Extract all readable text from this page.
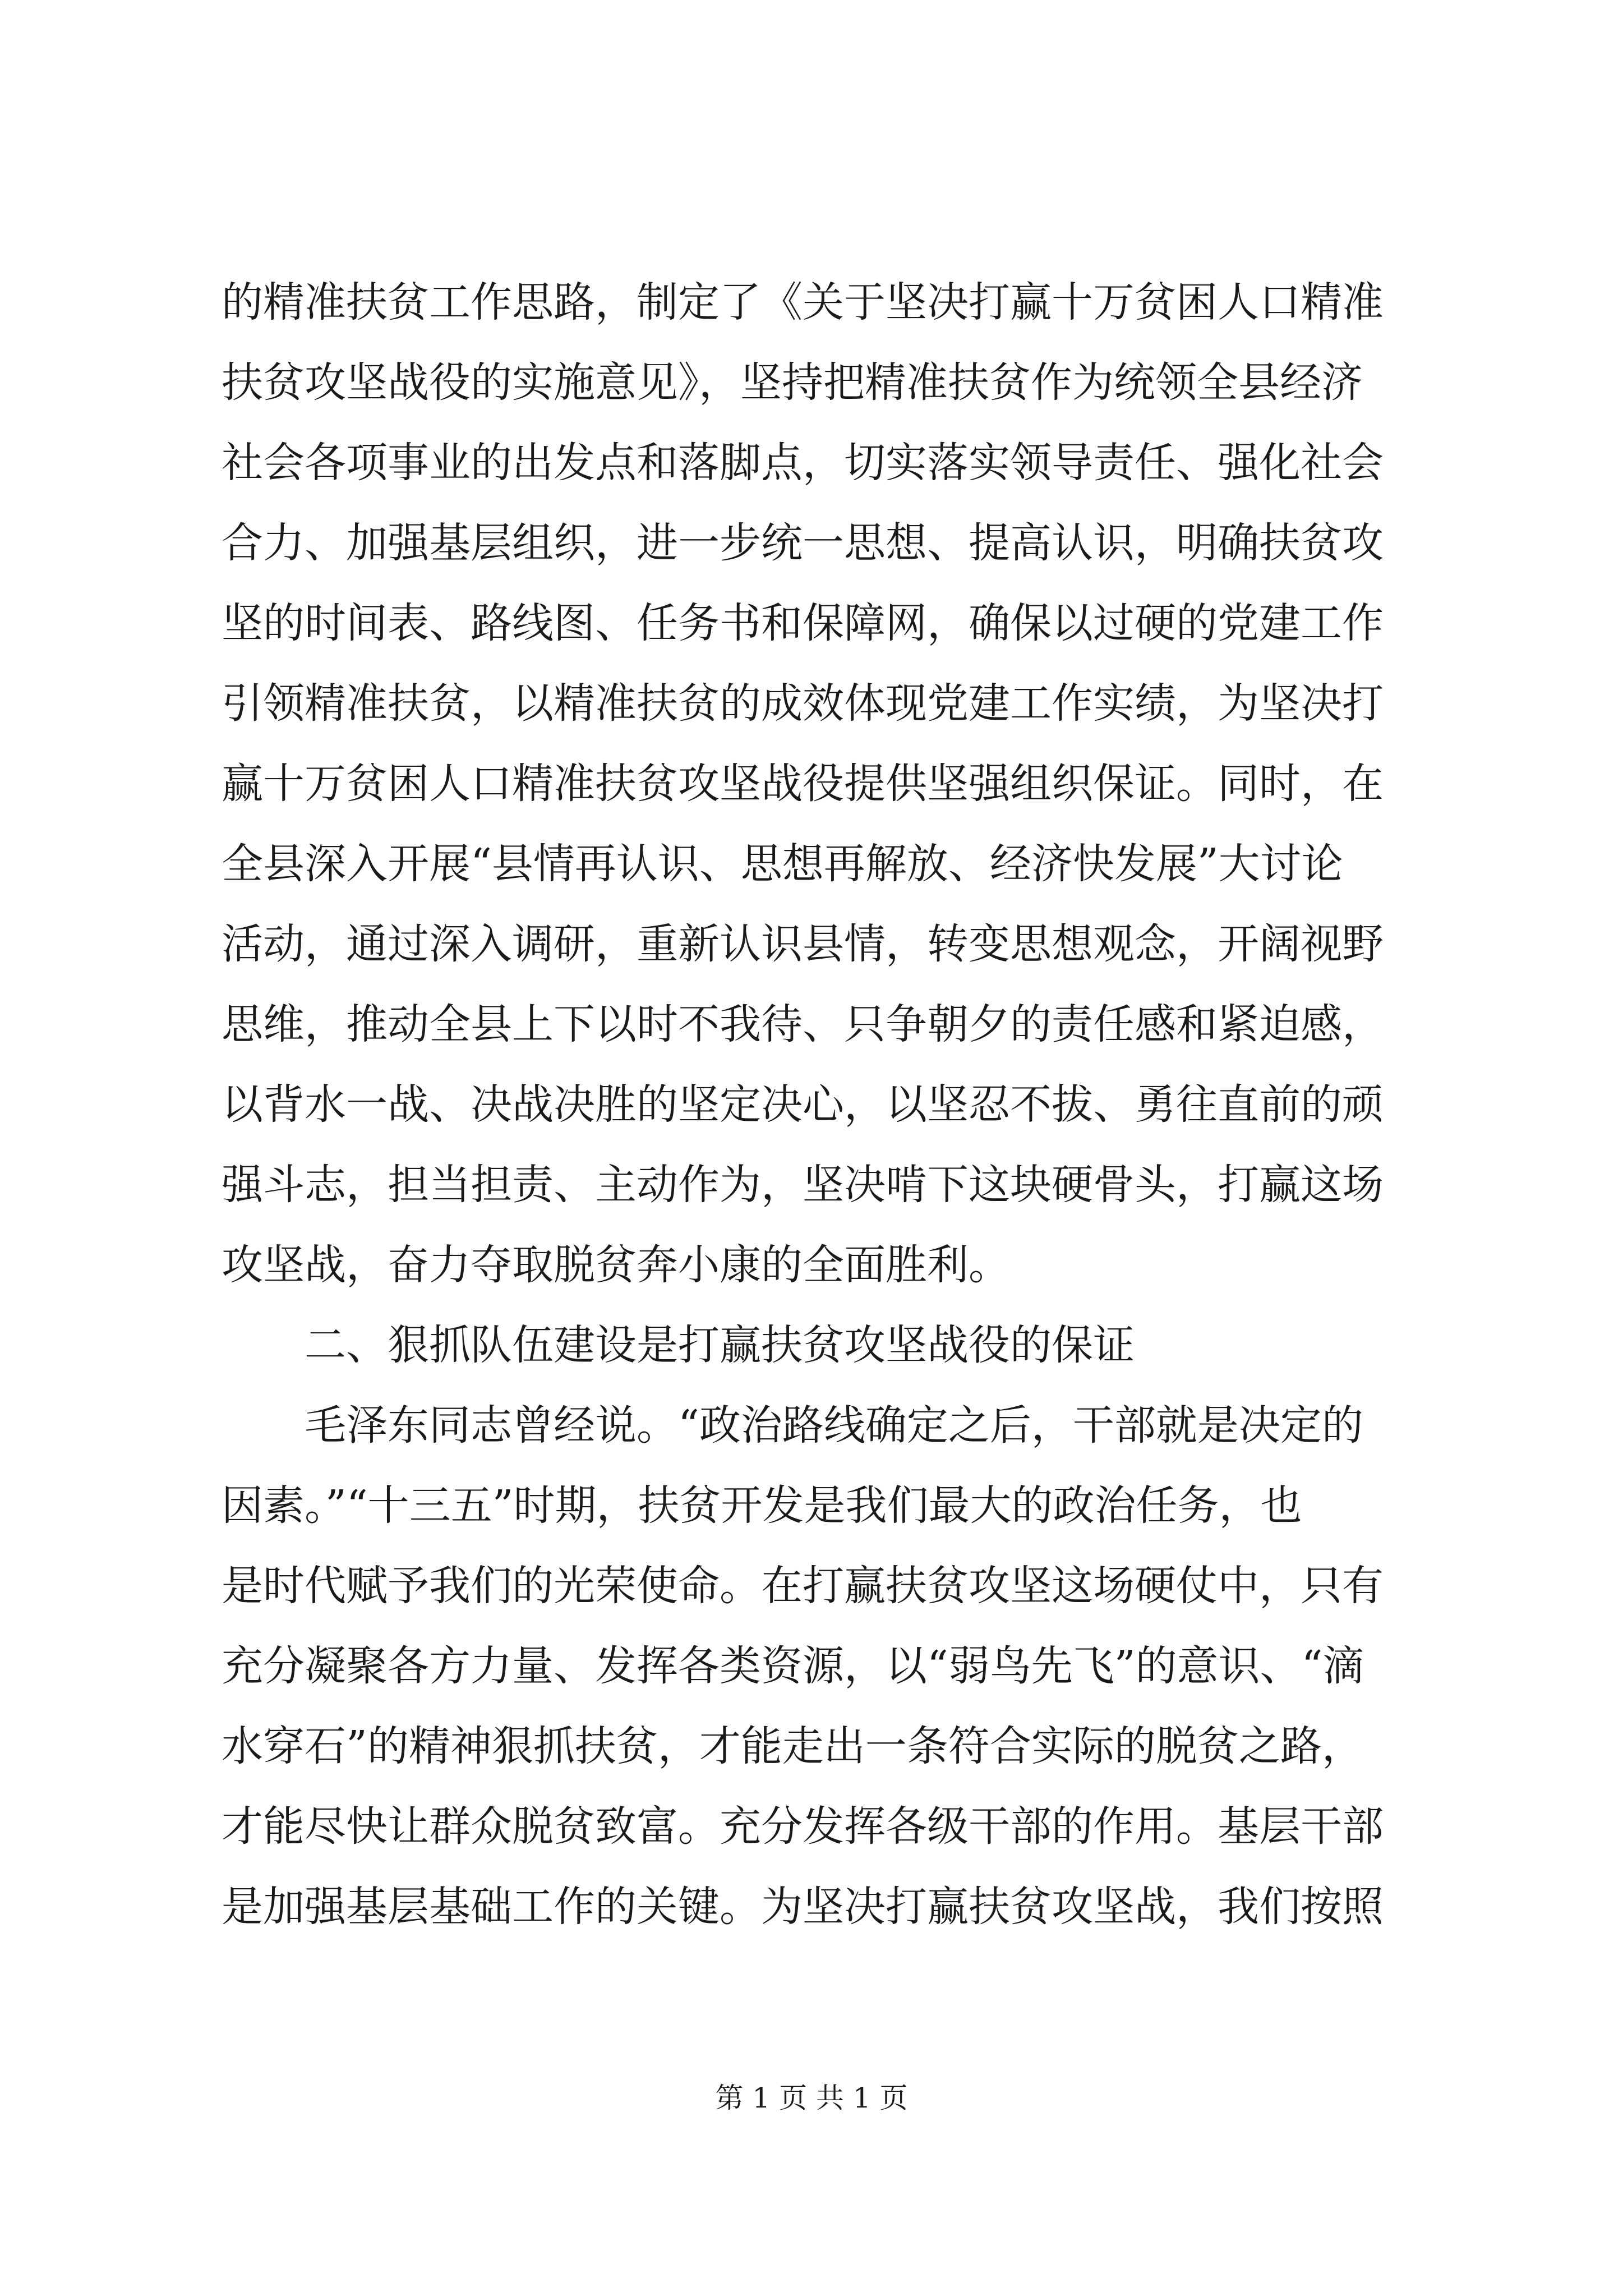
的精准扶贫工作思路，制定了《关于坚决打赢十万贫困人口精准
扶贫攻坚战役的实施意见》，坚持把精准扶贫作为统领全县经济
社会各项事业的出发点和落脚点，切实落实领导责任、强化社会
合力、加强基层组织，进一步统一思想、提高认识，明确扶贫攻
坚的时间表、路线图、任务书和保障网，确保以过硬的党建工作
引领精准扶贫，以精准扶贫的成效体现党建工作实绩，为坚决打
赢十万贫困人口精准扶贫攻坚战役提供坚强组织保证。同时，在
全县深入开展“县情再认识、思想再解放、经济快发展”大讨论
活动，通过深入调研，重新认识县情，转变思想观念，开阔视野
思维，推动全县上下以时不我待、只争朝夕的责任感和紧迫感，
以背水一战、决战决胜的坚定决心，以坚忍不拔、勇往直前的顽
强斗志，担当担责、主动作为，坚决啃下这块硬骨头，打赢这场
攻坚战，奋力夺取脱贫奔小康的全面胜利。
二、狠抓队伍建设是打赢扶贫攻坚战役的保证
毛泽东同志曾经说。“政治路线确定之后，干部就是决定的
因素。”“十三五”时期，扶贫开发是我们最大的政治任务，也
是时代赋予我们的光荣使命。在打赢扶贫攻坚这场硬仗中，只有
充分凝聚各方力量、发挥各类资源，以“弱鸟先飞”的意识、“滴
水穿石”的精神狠抓扶贫，才能走出一条符合实际的脱贫之路，
才能尽快让群众脱贫致富。充分发挥各级干部的作用。基层干部
是加强基层基础工作的关键。为坚决打赢扶贫攻坚战，我们按照
第 1 页 共 1 页
